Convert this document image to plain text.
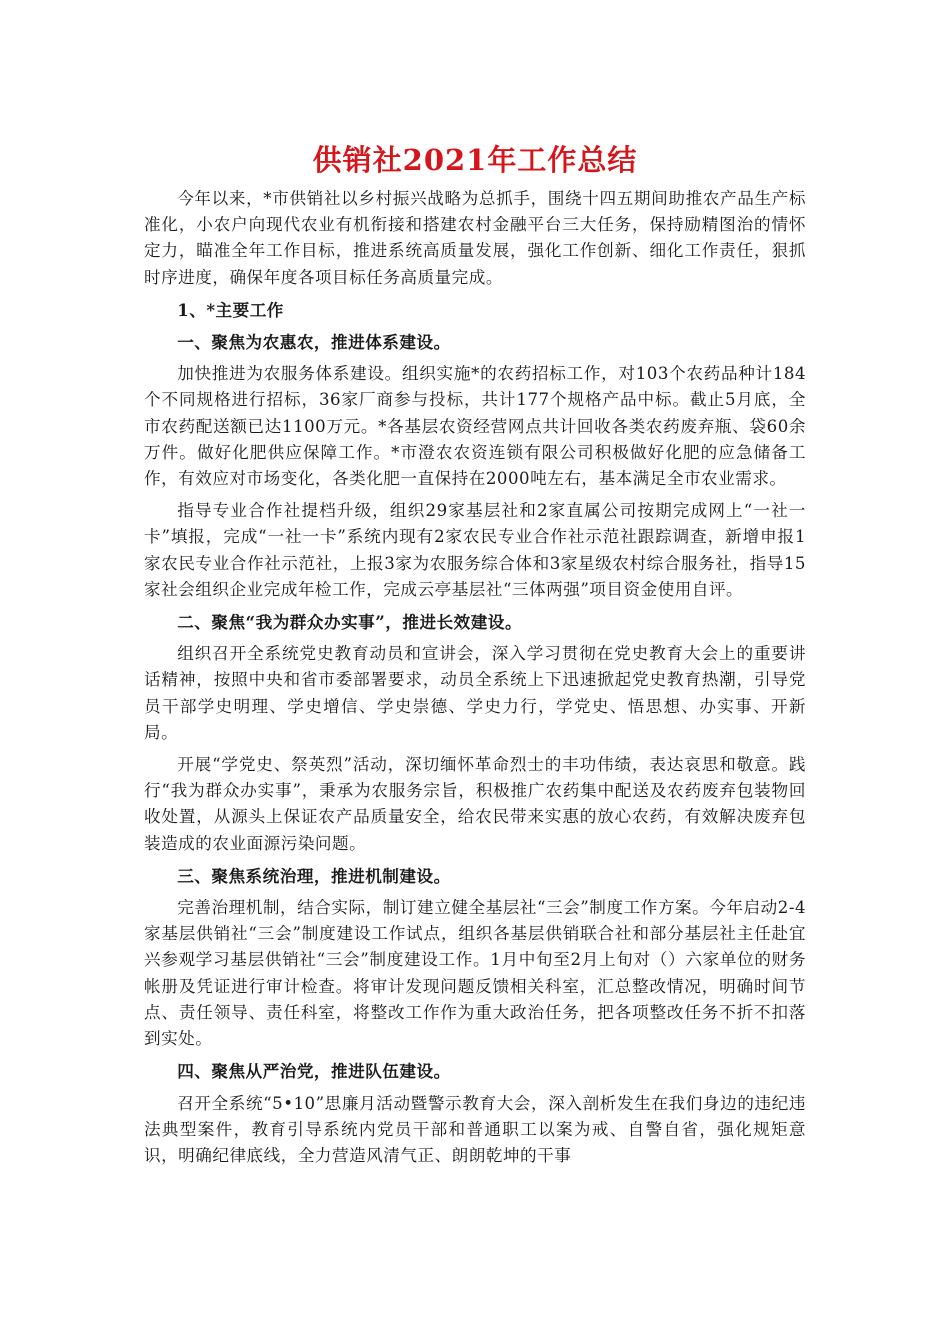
供销社2021年工作总结

今年以来，*市供销社以乡村振兴战略为总抓手，围绕十四五期间助推农产品生产标准化，小农户向现代农业有机衔接和搭建农村金融平台三大任务，保持励精图治的情怀定力，瞄准全年工作目标，推进系统高质量发展，强化工作创新、细化工作责任，狠抓时序进度，确保年度各项目标任务高质量完成。

1、*主要工作

一、聚焦为农惠农，推进体系建设。

加快推进为农服务体系建设。组织实施*的农药招标工作，对103个农药品种计184个不同规格进行招标，36家厂商参与投标，共计177个规格产品中标。截止5月底，全市农药配送额已达1100万元。*各基层农资经营网点共计回收各类农药废弃瓶、袋60余万件。做好化肥供应保障工作。*市澄农农资连锁有限公司积极做好化肥的应急储备工作，有效应对市场变化，各类化肥一直保持在2000吨左右，基本满足全市农业需求。

指导专业合作社提档升级，组织29家基层社和2家直属公司按期完成网上“一社一卡”填报，完成“一社一卡”系统内现有2家农民专业合作社示范社跟踪调查，新增申报1家农民专业合作社示范社，上报3家为农服务综合体和3家星级农村综合服务社，指导15家社会组织企业完成年检工作，完成云亭基层社“三体两强”项目资金使用自评。

二、聚焦“我为群众办实事”，推进长效建设。

组织召开全系统党史教育动员和宣讲会，深入学习贯彻在党史教育大会上的重要讲话精神，按照中央和省市委部署要求，动员全系统上下迅速掀起党史教育热潮，引导党员干部学史明理、学史增信、学史崇德、学史力行，学党史、悟思想、办实事、开新局。

开展“学党史、祭英烈”活动，深切缅怀革命烈士的丰功伟绩，表达哀思和敬意。践行“我为群众办实事”，秉承为农服务宗旨，积极推广农药集中配送及农药废弃包装物回收处置，从源头上保证农产品质量安全，给农民带来实惠的放心农药，有效解决废弃包装造成的农业面源污染问题。

三、聚焦系统治理，推进机制建设。

完善治理机制，结合实际，制订建立健全基层社“三会”制度工作方案。今年启动2-4家基层供销社“三会”制度建设工作试点，组织各基层供销联合社和部分基层社主任赴宜兴参观学习基层供销社“三会”制度建设工作。1月中旬至2月上旬对（）六家单位的财务帐册及凭证进行审计检查。将审计发现问题反馈相关科室，汇总整改情况，明确时间节点、责任领导、责任科室，将整改工作作为重大政治任务，把各项整改任务不折不扣落到实处。

四、聚焦从严治党，推进队伍建设。

召开全系统“5•10”思廉月活动暨警示教育大会，深入剖析发生在我们身边的违纪违法典型案件，教育引导系统内党员干部和普通职工以案为戒、自警自省，强化规矩意识，明确纪律底线，全力营造风清气正、朗朗乾坤的干事
